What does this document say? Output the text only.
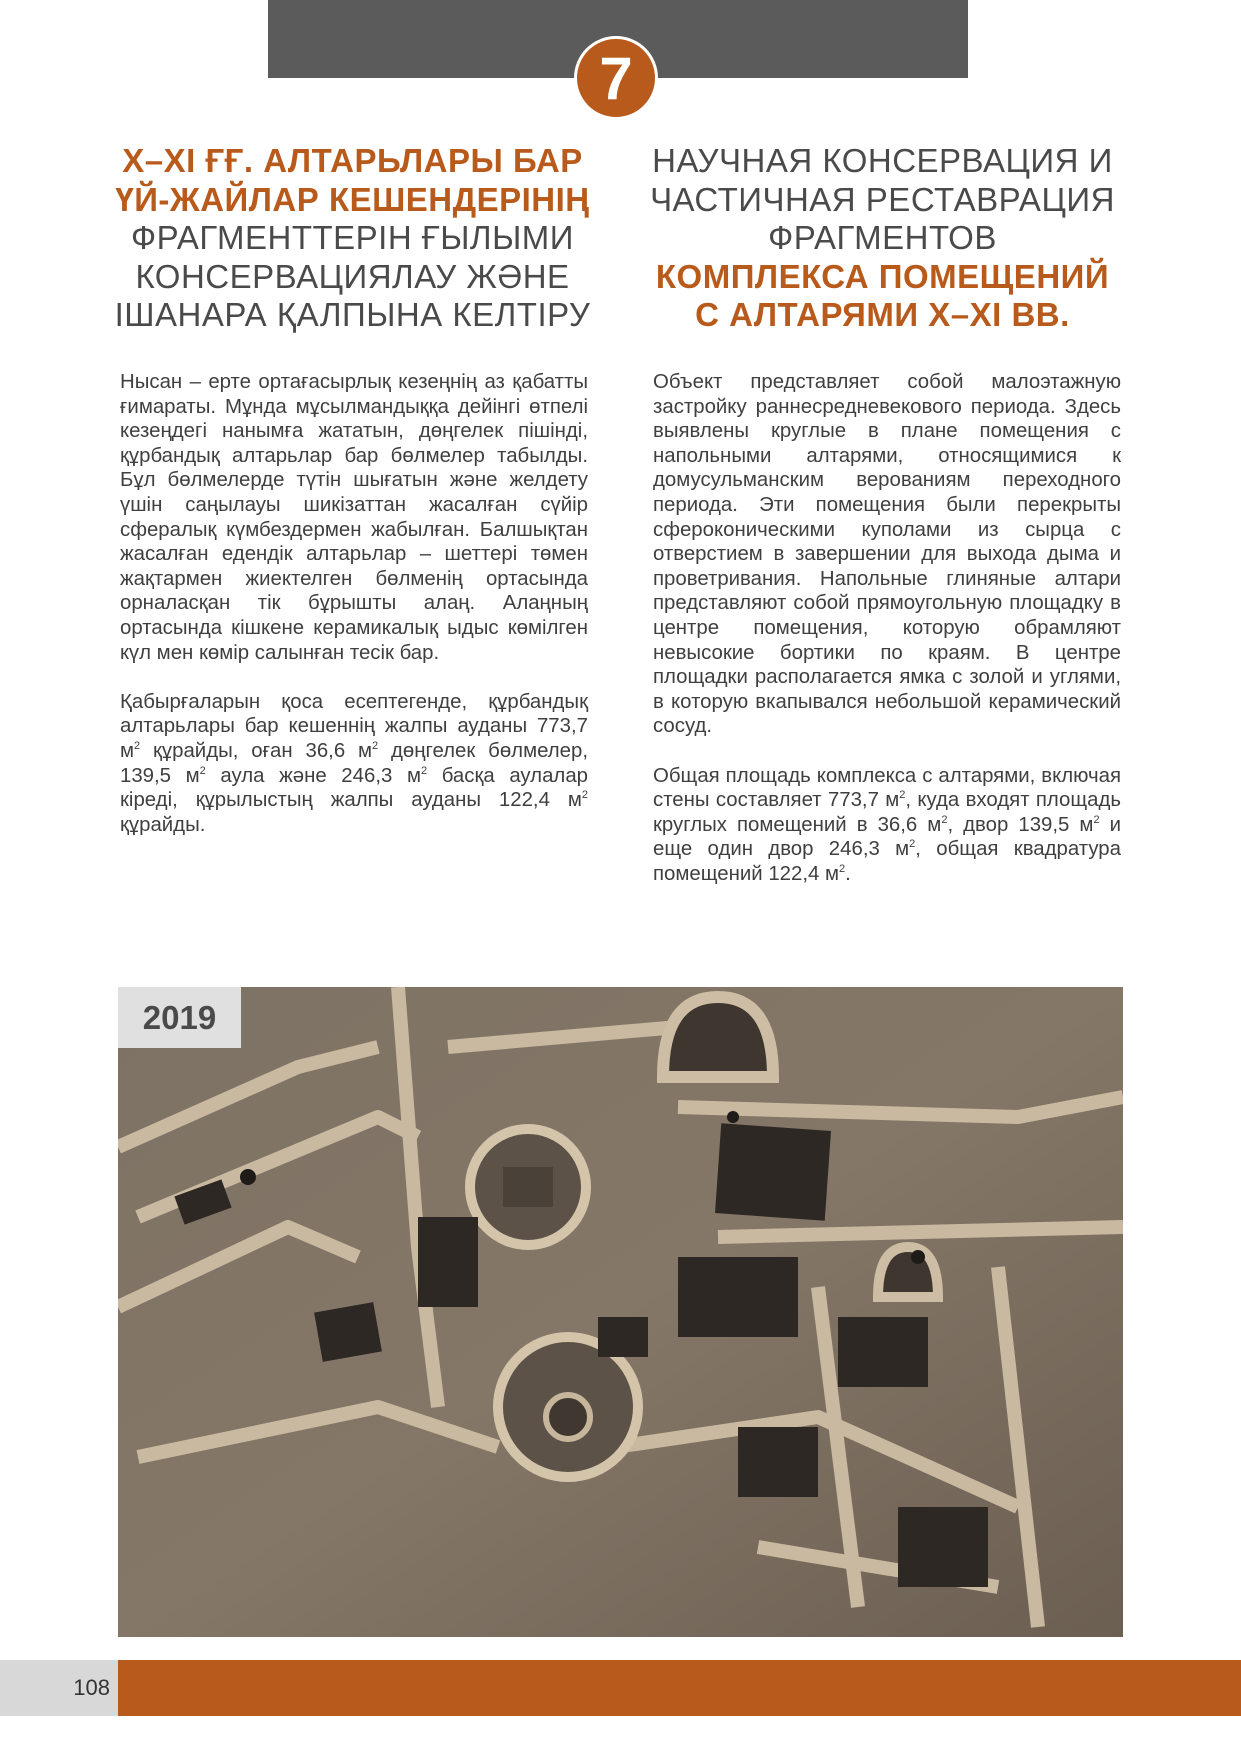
7
X–XI ҒҒ. АЛТАРЬЛАРЫ БАР
ҮЙ-ЖАЙЛАР КЕШЕНДЕРІНІҢ
ФРАГМЕНТТЕРІН ҒЫЛЫМИ
КОНСЕРВАЦИЯЛАУ ЖӘНЕ
ІШАНАРА ҚАЛПЫНА КЕЛТІРУ
НАУЧНАЯ КОНСЕРВАЦИЯ И
ЧАСТИЧНАЯ РЕСТАВРАЦИЯ
ФРАГМЕНТОВ
КОМПЛЕКСА ПОМЕЩЕНИЙ
С АЛТАРЯМИ X–XI ВВ.

Нысан – ерте ортағасырлық кезеңнің аз қабатты ғимараты. Мұнда мұсылмандыққа дейінгі өтпелі кезеңдегі нанымға жататын, дөңгелек пішінді, құрбандық алтарьлар бар бөлмелер табылды. Бұл бөлмелерде түтін шығатын және желдету үшін саңылауы шикізаттан жасалған сүйір сфералық күмбездермен жабылған. Балшықтан жасалған едендік алтарьлар – шеттері төмен жақтармен жиектелген бөлменің ортасында орналасқан тік бұрышты алаң. Алаңның ортасында кішкене керамикалық ыдыс көмілген күл мен көмір салынған тесік бар.

Қабырғаларын қоса есептегенде, құрбандық алтарьлары бар кешеннің жалпы ауданы 773,7 $м^2$ құрайды, оған 36,6 $м^2$ дөңгелек бөлмелер, 139,5 $м^2$ аула және 246,3 $м^2$ басқа аулалар кіреді, құрылыстың жалпы ауданы 122,4 $м^2$ құрайды.

Объект представляет собой малоэтажную застройку раннесредневекового периода. Здесь выявлены круглые в плане помещения с напольными алтарями, относящимися к домусульманским верованиям переходного периода. Эти помещения были перекрыты сфероконическими куполами из сырца с отверстием в завершении для выхода дыма и проветривания. Напольные глиняные алтари представляют собой прямоугольную площадку в центре помещения, которую обрамляют невысокие бортики по краям. В центре площадки располагается ямка с золой и углями, в которую вкапывался небольшой керамический сосуд.

Общая площадь комплекса с алтарями, включая стены составляет 773,7 $м^2$, куда входят площадь круглых помещений в 36,6 $м^2$, двор 139,5 $м^2$ и еще один двор 246,3 $м^2$, общая квадратура помещений 122,4 $м^2$.

2019
108
